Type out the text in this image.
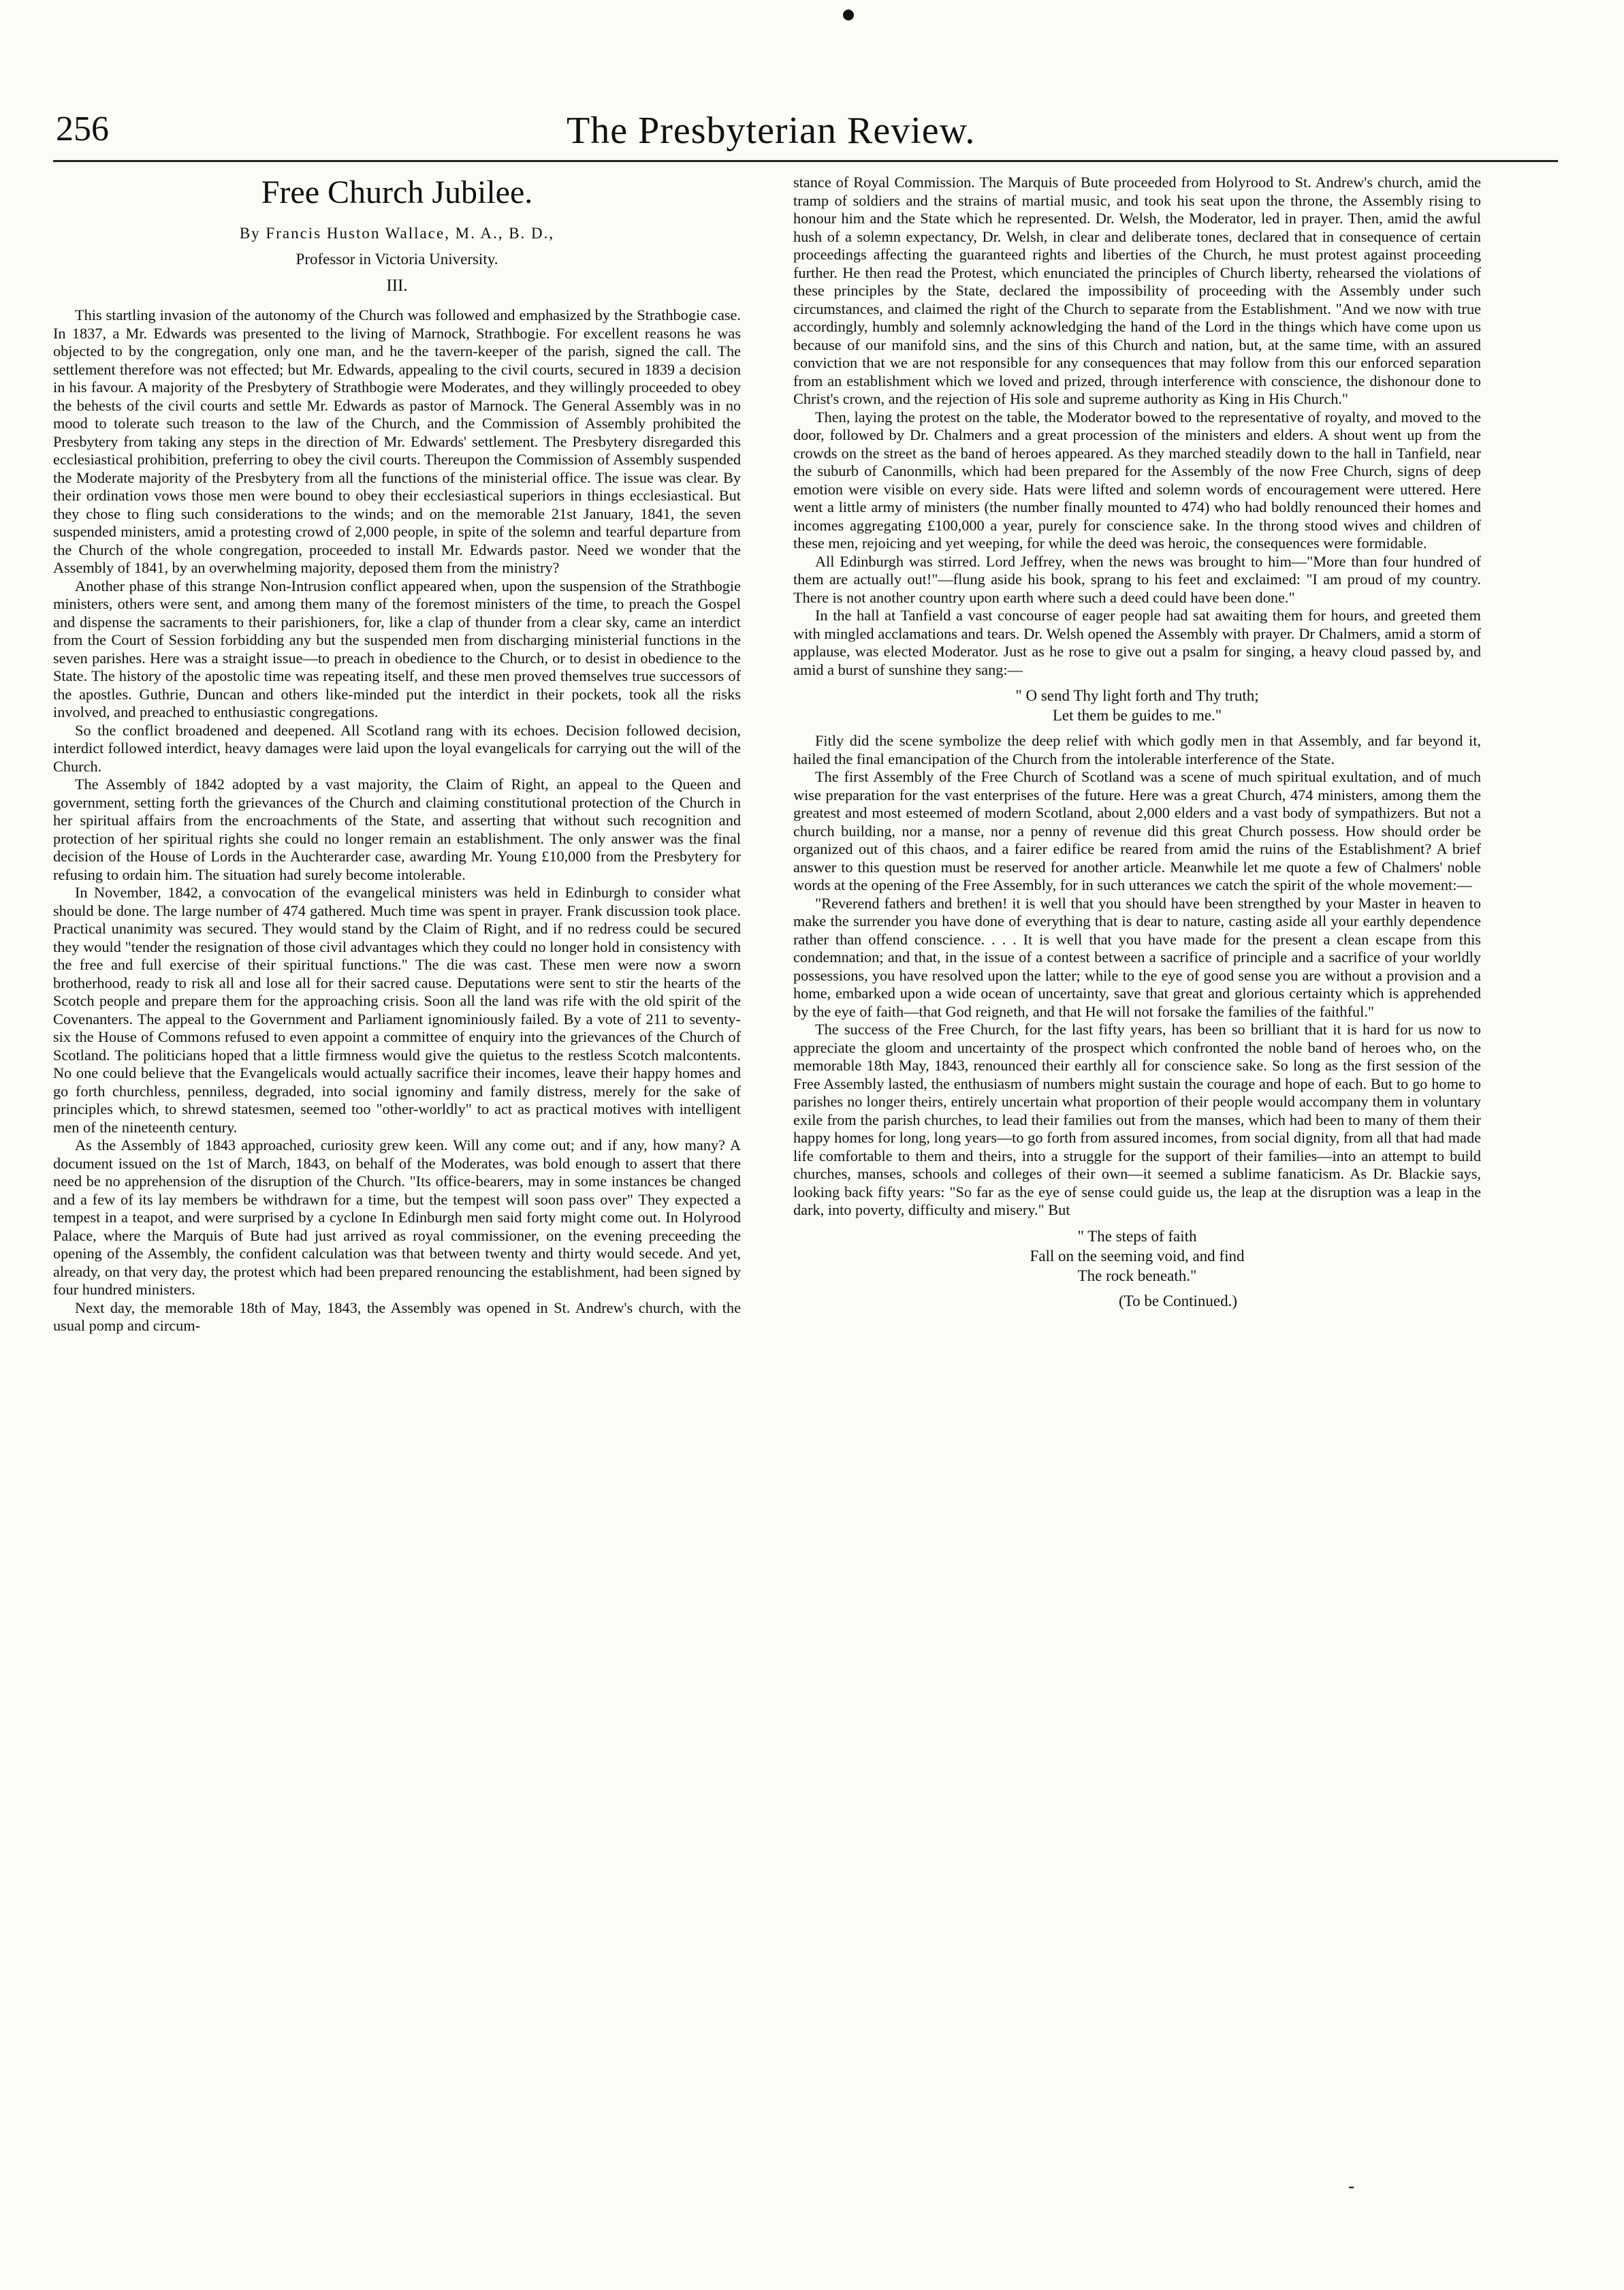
256	The Presbyterian Review.
Free Church Jubilee.
By Francis Huston Wallace, M. A., B. D.,
Professor in Victoria University.
III.

This startling invasion of the autonomy of the Church was followed and emphasized by the Strathbogie case. In 1837, a Mr. Edwards was presented to the living of Marnock, Strathbogie. For excellent reasons he was objected to by the congregation, only one man, and he the tavern-keeper of the parish, signed the call. The settlement therefore was not effected; but Mr. Edwards, appealing to the civil courts, secured in 1839 a decision in his favour. A majority of the Presbytery of Strathbogie were Moderates, and they willingly proceeded to obey the behests of the civil courts and settle Mr. Edwards as pastor of Marnock. The General Assembly was in no mood to tolerate such treason to the law of the Church, and the Commission of Assembly prohibited the Presbytery from taking any steps in the direction of Mr. Edwards' settlement. The Presbytery disregarded this ecclesiastical prohibition, preferring to obey the civil courts. Thereupon the Commission of Assembly suspended the Moderate majority of the Presbytery from all the functions of the ministerial office. The issue was clear. By their ordination vows those men were bound to obey their ecclesiastical superiors in things ecclesiastical. But they chose to fling such considerations to the winds; and on the memorable 21st January, 1841, the seven suspended ministers, amid a protesting crowd of 2,000 people, in spite of the solemn and tearful departure from the Church of the whole congregation, proceeded to install Mr. Edwards pastor. Need we wonder that the Assembly of 1841, by an overwhelming majority, deposed them from the ministry?

Another phase of this strange Non-Intrusion conflict appeared when, upon the suspension of the Strathbogie ministers, others were sent, and among them many of the foremost ministers of the time, to preach the Gospel and dispense the sacraments to their parishioners, for, like a clap of thunder from a clear sky, came an interdict from the Court of Session forbidding any but the suspended men from discharging ministerial functions in the seven parishes. Here was a straight issue—to preach in obedience to the Church, or to desist in obedience to the State. The history of the apostolic time was repeating itself, and these men proved themselves true successors of the apostles. Guthrie, Duncan and others like-minded put the interdict in their pockets, took all the risks involved, and preached to enthusiastic congregations.

So the conflict broadened and deepened. All Scotland rang with its echoes. Decision followed decision, interdict followed interdict, heavy damages were laid upon the loyal evangelicals for carrying out the will of the Church.

The Assembly of 1842 adopted by a vast majority, the Claim of Right, an appeal to the Queen and government, setting forth the grievances of the Church and claiming constitutional protection of the Church in her spiritual affairs from the encroachments of the State, and asserting that without such recognition and protection of her spiritual rights she could no longer remain an establishment. The only answer was the final decision of the House of Lords in the Auchterarder case, awarding Mr. Young £10,000 from the Presbytery for refusing to ordain him. The situation had surely become intolerable.

In November, 1842, a convocation of the evangelical ministers was held in Edinburgh to consider what should be done. The large number of 474 gathered. Much time was spent in prayer. Frank discussion took place. Practical unanimity was secured. They would stand by the Claim of Right, and if no redress could be secured they would "tender the resignation of those civil advantages which they could no longer hold in consistency with the free and full exercise of their spiritual functions." The die was cast. These men were now a sworn brotherhood, ready to risk all and lose all for their sacred cause. Deputations were sent to stir the hearts of the Scotch people and prepare them for the approaching crisis. Soon all the land was rife with the old spirit of the Covenanters. The appeal to the Government and Parliament ignominiously failed. By a vote of 211 to seventy-six the House of Commons refused to even appoint a committee of enquiry into the grievances of the Church of Scotland. The politicians hoped that a little firmness would give the quietus to the restless Scotch malcontents. No one could believe that the Evangelicals would actually sacrifice their incomes, leave their happy homes and go forth churchless, penniless, degraded, into social ignominy and family distress, merely for the sake of principles which, to shrewd statesmen, seemed too "other-worldly" to act as practical motives with intelligent men of the nineteenth century.

As the Assembly of 1843 approached, curiosity grew keen. Will any come out; and if any, how many? A document issued on the 1st of March, 1843, on behalf of the Moderates, was bold enough to assert that there need be no apprehension of the disruption of the Church. "Its office-bearers, may in some instances be changed and a few of its lay members be withdrawn for a time, but the tempest will soon pass over" They expected a tempest in a teapot, and were surprised by a cyclone In Edinburgh men said forty might come out. In Holyrood Palace, where the Marquis of Bute had just arrived as royal commissioner, on the evening preceeding the opening of the Assembly, the confident calculation was that between twenty and thirty would secede. And yet, already, on that very day, the protest which had been prepared renouncing the establishment, had been signed by four hundred ministers.

Next day, the memorable 18th of May, 1843, the Assembly was opened in St. Andrew's church, with the usual pomp and circum-

stance of Royal Commission. The Marquis of Bute proceeded from Holyrood to St. Andrew's church, amid the tramp of soldiers and the strains of martial music, and took his seat upon the throne, the Assembly rising to honour him and the State which he represented. Dr. Welsh, the Moderator, led in prayer. Then, amid the awful hush of a solemn expectancy, Dr. Welsh, in clear and deliberate tones, declared that in consequence of certain proceedings affecting the guaranteed rights and liberties of the Church, he must protest against proceeding further. He then read the Protest, which enunciated the principles of Church liberty, rehearsed the violations of these principles by the State, declared the impossibility of proceeding with the Assembly under such circumstances, and claimed the right of the Church to separate from the Establishment. "And we now with true accordingly, humbly and solemnly acknowledging the hand of the Lord in the things which have come upon us because of our manifold sins, and the sins of this Church and nation, but, at the same time, with an assured conviction that we are not responsible for any consequences that may follow from this our enforced separation from an establishment which we loved and prized, through interference with conscience, the dishonour done to Christ's crown, and the rejection of His sole and supreme authority as King in His Church."

Then, laying the protest on the table, the Moderator bowed to the representative of royalty, and moved to the door, followed by Dr. Chalmers and a great procession of the ministers and elders. A shout went up from the crowds on the street as the band of heroes appeared. As they marched steadily down to the hall in Tanfield, near the suburb of Canonmills, which had been prepared for the Assembly of the now Free Church, signs of deep emotion were visible on every side. Hats were lifted and solemn words of encouragement were uttered. Here went a little army of ministers (the number finally mounted to 474) who had boldly renounced their homes and incomes aggregating £100,000 a year, purely for conscience sake. In the throng stood wives and children of these men, rejoicing and yet weeping, for while the deed was heroic, the consequences were formidable.

All Edinburgh was stirred. Lord Jeffrey, when the news was brought to him—"More than four hundred of them are actually out!"—flung aside his book, sprang to his feet and exclaimed: "I am proud of my country. There is not another country upon earth where such a deed could have been done."

In the hall at Tanfield a vast concourse of eager people had sat awaiting them for hours, and greeted them with mingled acclamations and tears. Dr. Welsh opened the Assembly with prayer. Dr Chalmers, amid a storm of applause, was elected Moderator. Just as he rose to give out a psalm for singing, a heavy cloud passed by, and amid a burst of sunshine they sang:—

" O send Thy light forth and Thy truth;
Let them be guides to me."

Fitly did the scene symbolize the deep relief with which godly men in that Assembly, and far beyond it, hailed the final emancipation of the Church from the intolerable interference of the State.

The first Assembly of the Free Church of Scotland was a scene of much spiritual exultation, and of much wise preparation for the vast enterprises of the future. Here was a great Church, 474 ministers, among them the greatest and most esteemed of modern Scotland, about 2,000 elders and a vast body of sympathizers. But not a church building, nor a manse, nor a penny of revenue did this great Church possess. How should order be organized out of this chaos, and a fairer edifice be reared from amid the ruins of the Establishment? A brief answer to this question must be reserved for another article. Meanwhile let me quote a few of Chalmers' noble words at the opening of the Free Assembly, for in such utterances we catch the spirit of the whole movement:—

"Reverend fathers and brethen! it is well that you should have been strengthed by your Master in heaven to make the surrender you have done of everything that is dear to nature, casting aside all your earthly dependence rather than offend conscience. . . . It is well that you have made for the present a clean escape from this condemnation; and that, in the issue of a contest between a sacrifice of principle and a sacrifice of your worldly possessions, you have resolved upon the latter; while to the eye of good sense you are without a provision and a home, embarked upon a wide ocean of uncertainty, save that great and glorious certainty which is apprehended by the eye of faith—that God reigneth, and that He will not forsake the families of the faithful."

The success of the Free Church, for the last fifty years, has been so brilliant that it is hard for us now to appreciate the gloom and uncertainty of the prospect which confronted the noble band of heroes who, on the memorable 18th May, 1843, renounced their earthly all for conscience sake. So long as the first session of the Free Assembly lasted, the enthusiasm of numbers might sustain the courage and hope of each. But to go home to parishes no longer theirs, entirely uncertain what proportion of their people would accompany them in voluntary exile from the parish churches, to lead their families out from the manses, which had been to many of them their happy homes for long, long years—to go forth from assured incomes, from social dignity, from all that had made life comfortable to them and theirs, into a struggle for the support of their families—into an attempt to build churches, manses, schools and colleges of their own—it seemed a sublime fanaticism. As Dr. Blackie says, looking back fifty years: "So far as the eye of sense could guide us, the leap at the disruption was a leap in the dark, into poverty, difficulty and misery." But

" The steps of faith
Fall on the seeming void, and find
The rock beneath."
(To be Continued.)
-
